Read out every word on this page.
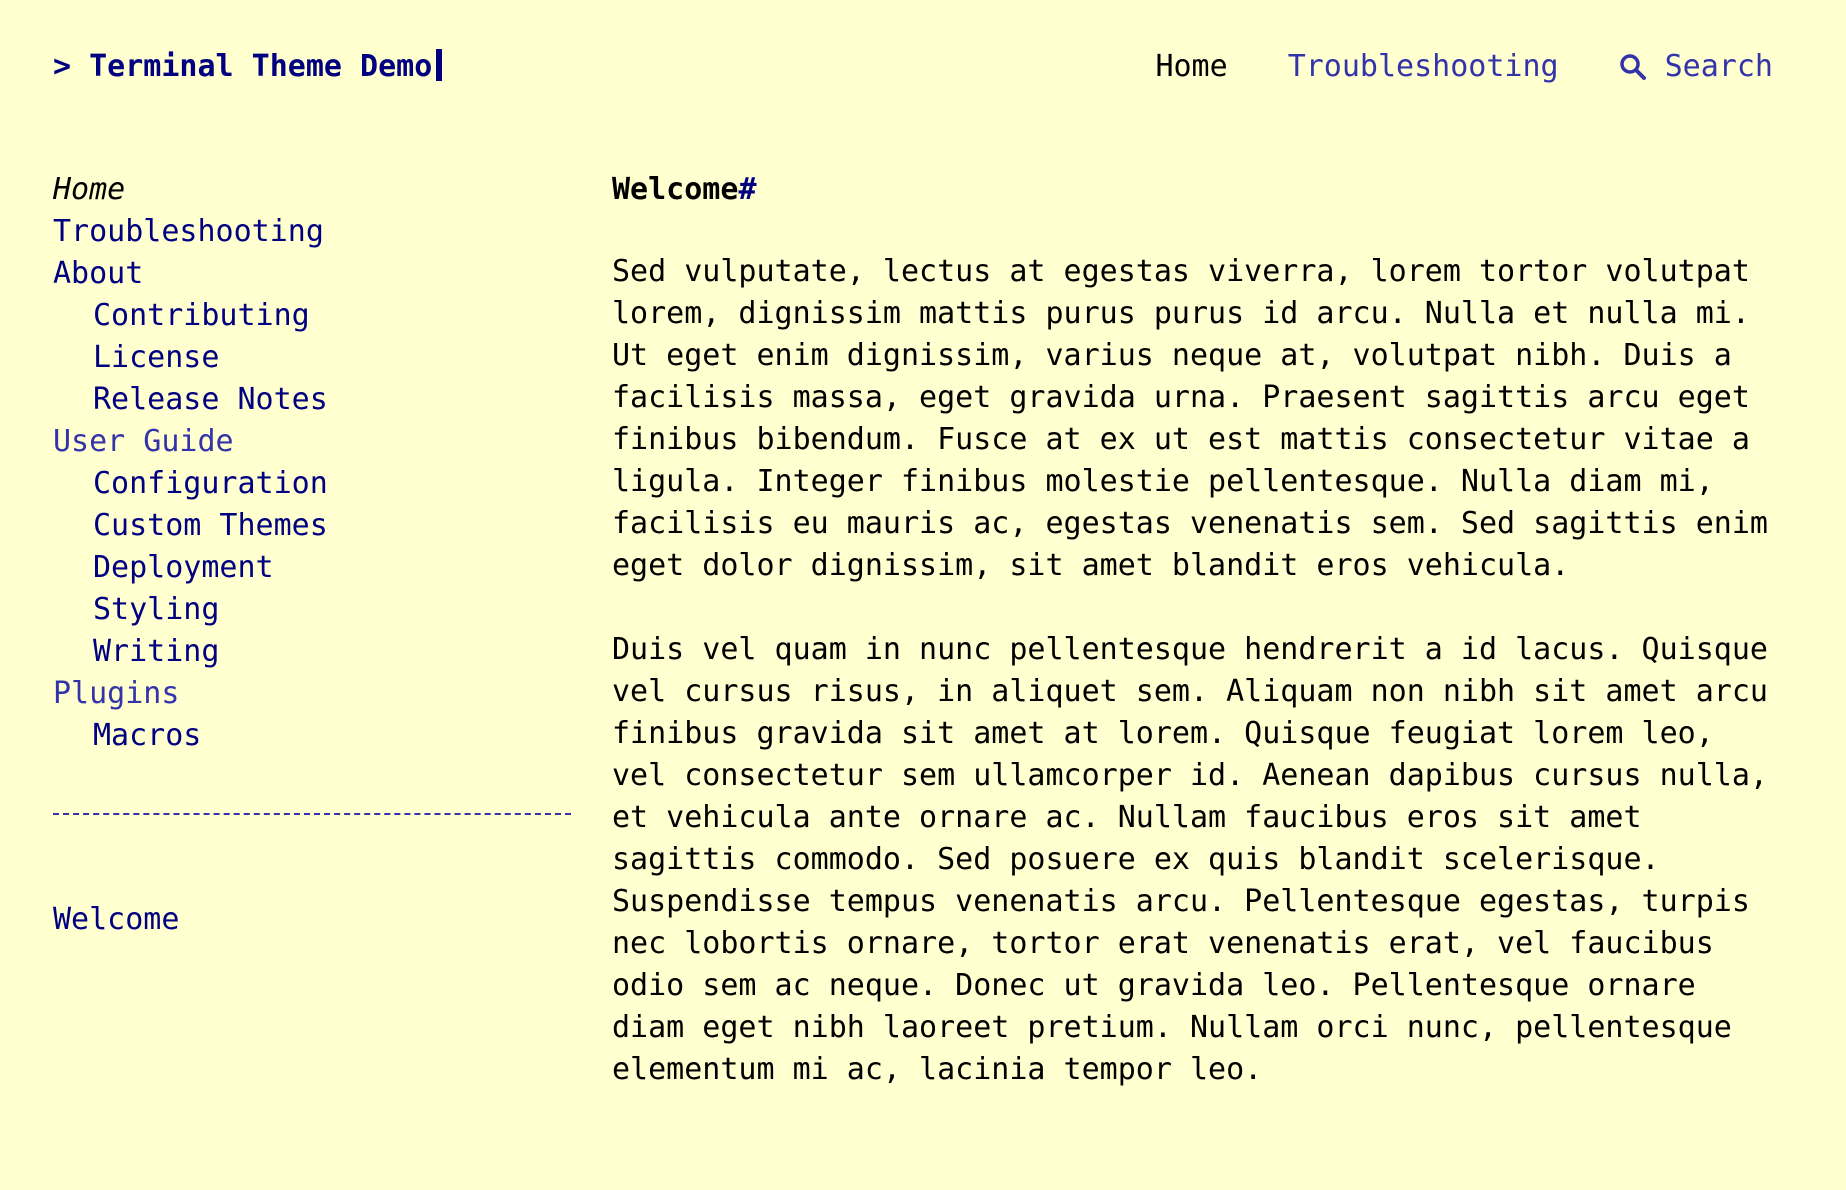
> Terminal Theme Demo	Home Troubleshooting	Search
Home
Troubleshooting
About
Contributing
License
Release Notes
User Guide
Configuration
Custom Themes
Deployment
Styling
Writing
Plugins
Macros
Welcome
Welcome#

Sed vulputate, lectus at egestas viverra, lorem tortor volutpat lorem, dignissim mattis purus purus id arcu. Nulla et nulla mi. Ut eget enim dignissim, varius neque at, volutpat nibh. Duis a facilisis massa, eget gravida urna. Praesent sagittis arcu eget finibus bibendum. Fusce at ex ut est mattis consectetur vitae a ligula. Integer finibus molestie pellentesque. Nulla diam mi, facilisis eu mauris ac, egestas venenatis sem. Sed sagittis enim eget dolor dignissim, sit amet blandit eros vehicula.

Duis vel quam in nunc pellentesque hendrerit a id lacus. Quisque vel cursus risus, in aliquet sem. Aliquam non nibh sit amet arcu finibus gravida sit amet at lorem. Quisque feugiat lorem leo, vel consectetur sem ullamcorper id. Aenean dapibus cursus nulla, et vehicula ante ornare ac. Nullam faucibus eros sit amet sagittis commodo. Sed posuere ex quis blandit scelerisque. Suspendisse tempus venenatis arcu. Pellentesque egestas, turpis nec lobortis ornare, tortor erat venenatis erat, vel faucibus odio sem ac neque. Donec ut gravida leo. Pellentesque ornare diam eget nibh laoreet pretium. Nullam orci nunc, pellentesque elementum mi ac, lacinia tempor leo.
